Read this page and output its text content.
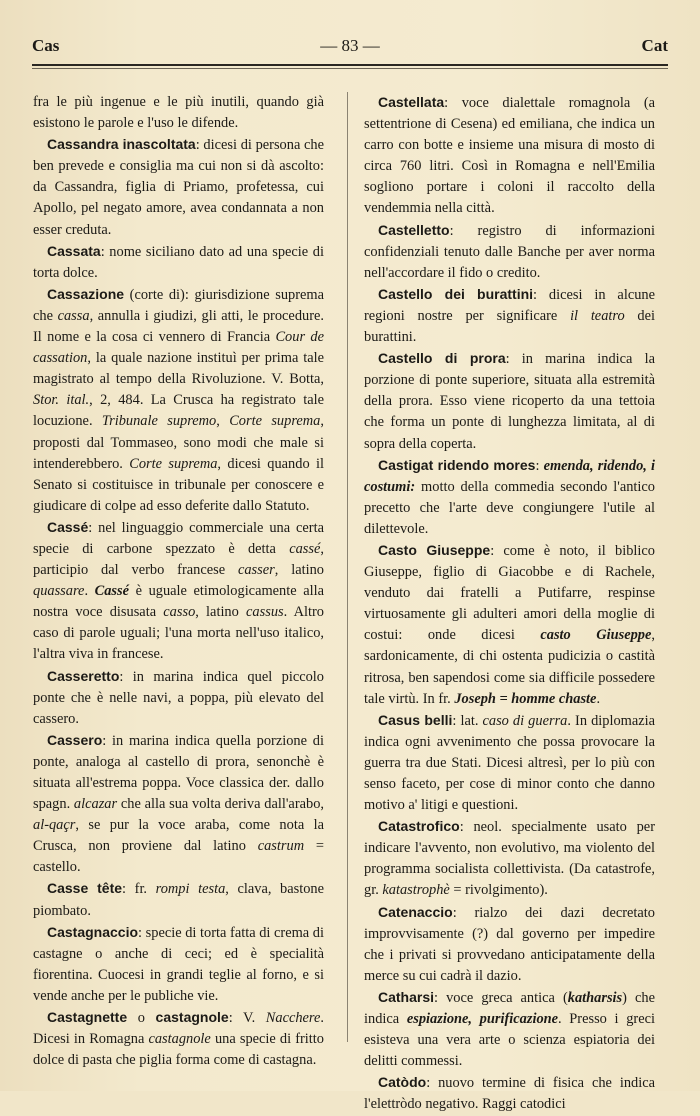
Cas	— 83 —	Cat

fra le più ingenue e le più inutili, quando già esistono le parole e l'uso le difende.

Cassandra inascoltata: dicesi di persona che ben prevede e consiglia ma cui non si dà ascolto: da Cassandra, figlia di Priamo, profetessa, cui Apollo, pel negato amore, avea condannata a non esser creduta.

Cassata: nome siciliano dato ad una specie di torta dolce.

Cassazione (corte di): giurisdizione suprema che cassa, annulla i giudizi, gli atti, le procedure. Il nome e la cosa ci vennero di Francia Cour de cassation, la quale nazione instituì per prima tale magistrato al tempo della Rivoluzione. V. Botta, Stor. ital., 2, 484. La Crusca ha registrato tale locuzione. Tribunale supremo, Corte suprema, proposti dal Tommaseo, sono modi che male si intenderebbero. Corte suprema, dicesi quando il Senato si costituisce in tribunale per conoscere e giudicare di colpe ad esso deferite dallo Statuto.

Cassé: nel linguaggio commerciale una certa specie di carbone spezzato è detta cassé, participio dal verbo francese casser, latino quassare. Cassé è uguale etimologicamente alla nostra voce disusata casso, latino cassus. Altro caso di parole uguali; l'una morta nell'uso italico, l'altra viva in francese.

Casseretto: in marina indica quel piccolo ponte che è nelle navi, a poppa, più elevato del cassero.

Cassero: in marina indica quella porzione di ponte, analoga al castello di prora, senonchè è situata all'estrema poppa. Voce classica der. dallo spagn. alcazar che alla sua volta deriva dall'arabo, al-qaçr, se pur la voce araba, come nota la Crusca, non proviene dal latino castrum = castello.

Casse tête: fr. rompi testa, clava, bastone piombato.

Castagnaccio: specie di torta fatta di crema di castagne o anche di ceci; ed è specialità fiorentina. Cuocesi in grandi teglie al forno, e si vende anche per le publiche vie.

Castagnette o castagnole: V. Nacchere. Dicesi in Romagna castagnole una specie di fritto dolce di pasta che piglia forma come di castagna.

Castellata: voce dialettale romagnola (a settentrione di Cesena) ed emiliana, che indica un carro con botte e insieme una misura di mosto di circa 760 litri. Così in Romagna e nell'Emilia sogliono portare i coloni il raccolto della vendemmia nella città.

Castelletto: registro di informazioni confidenziali tenuto dalle Banche per aver norma nell'accordare il fido o credito.

Castello dei burattini: dicesi in alcune regioni nostre per significare il teatro dei burattini.

Castello di prora: in marina indica la porzione di ponte superiore, situata alla estremità della prora. Esso viene ricoperto da una tettoia che forma un ponte di lunghezza limitata, al di sopra della coperta.

Castigat ridendo mores: emenda, ridendo, i costumi: motto della commedia secondo l'antico precetto che l'arte deve congiungere l'utile al dilettevole.

Casto Giuseppe: come è noto, il biblico Giuseppe, figlio di Giacobbe e di Rachele, venduto dai fratelli a Putifarre, respinse virtuosamente gli adulteri amori della moglie di costui: onde dicesi casto Giuseppe, sardonicamente, di chi ostenta pudicizia o castità ritrosa, ben sapendosi come sia difficile possedere tale virtù. In fr. Joseph = homme chaste.

Casus belli: lat. caso di guerra. In diplomazia indica ogni avvenimento che possa provocare la guerra tra due Stati. Dicesi altresì, per lo più con senso faceto, per cose di minor conto che danno motivo a' litigi e questioni.

Catastrofico: neol. specialmente usato per indicare l'avvento, non evolutivo, ma violento del programma socialista collettivista. (Da catastrofe, gr. katastrophè = rivolgimento).

Catenaccio: rialzo dei dazi decretato improvvisamente (?) dal governo per impedire che i privati si provvedano anticipatamente della merce su cui cadrà il dazio.

Catharsi: voce greca antica (katharsis) che indica espiazione, purificazione. Presso i greci esisteva una vera arte o scienza espiatoria dei delitti commessi.

Catòdo: nuovo termine di fisica che indica l'elettròdo negativo. Raggi catodici
